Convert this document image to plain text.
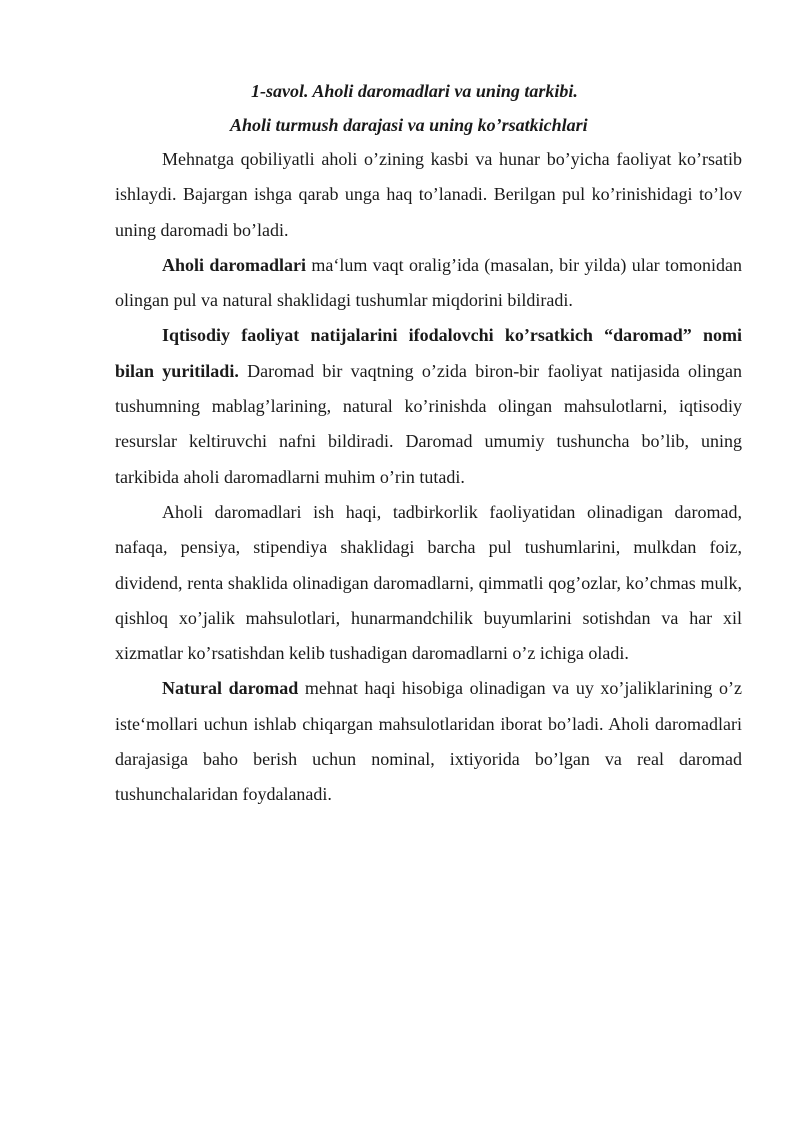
1-savol. Aholi daromadlari va uning tarkibi.

Aholi turmush darajasi va uning ko’rsatkichlari

Mehnatga qobiliyatli aholi o’zining kasbi va hunar bo’yicha faoliyat ko’rsatib ishlaydi. Bajargan ishga qarab unga haq to’lanadi. Berilgan pul ko’rinishidagi to’lov uning daromadi bo’ladi.

Aholi daromadlari ma‘lum vaqt oralig’ida (masalan, bir yilda) ular tomonidan olingan pul va natural shaklidagi tushumlar miqdorini bildiradi.

Iqtisodiy faoliyat natijalarini ifodalovchi ko’rsatkich “daromad” nomi bilan yuritiladi. Daromad bir vaqtning o’zida biron-bir faoliyat natijasida olingan tushumning mablag’larining, natural ko’rinishda olingan mahsulotlarni, iqtisodiy resurslar keltiruvchi nafni bildiradi. Daromad umumiy tushuncha bo’lib, uning tarkibida aholi daromadlarni muhim o’rin tutadi.

Aholi daromadlari ish haqi, tadbirkorlik faoliyatidan olinadigan daromad, nafaqa, pensiya, stipendiya shaklidagi barcha pul tushumlarini, mulkdan foiz, dividend, renta shaklida olinadigan daromadlarni, qimmatli qog’ozlar, ko’chmas mulk, qishloq xo’jalik mahsulotlari, hunarmandchilik buyumlarini sotishdan va har xil xizmatlar ko’rsatishdan kelib tushadigan daromadlarni o’z ichiga oladi.

Natural daromad mehnat haqi hisobiga olinadigan va uy xo’jaliklarining o’z iste‘mollari uchun ishlab chiqargan mahsulotlaridan iborat bo’ladi. Aholi daromadlari darajasiga baho berish uchun nominal, ixtiyorida bo’lgan va real daromad tushunchalaridan foydalanadi.
